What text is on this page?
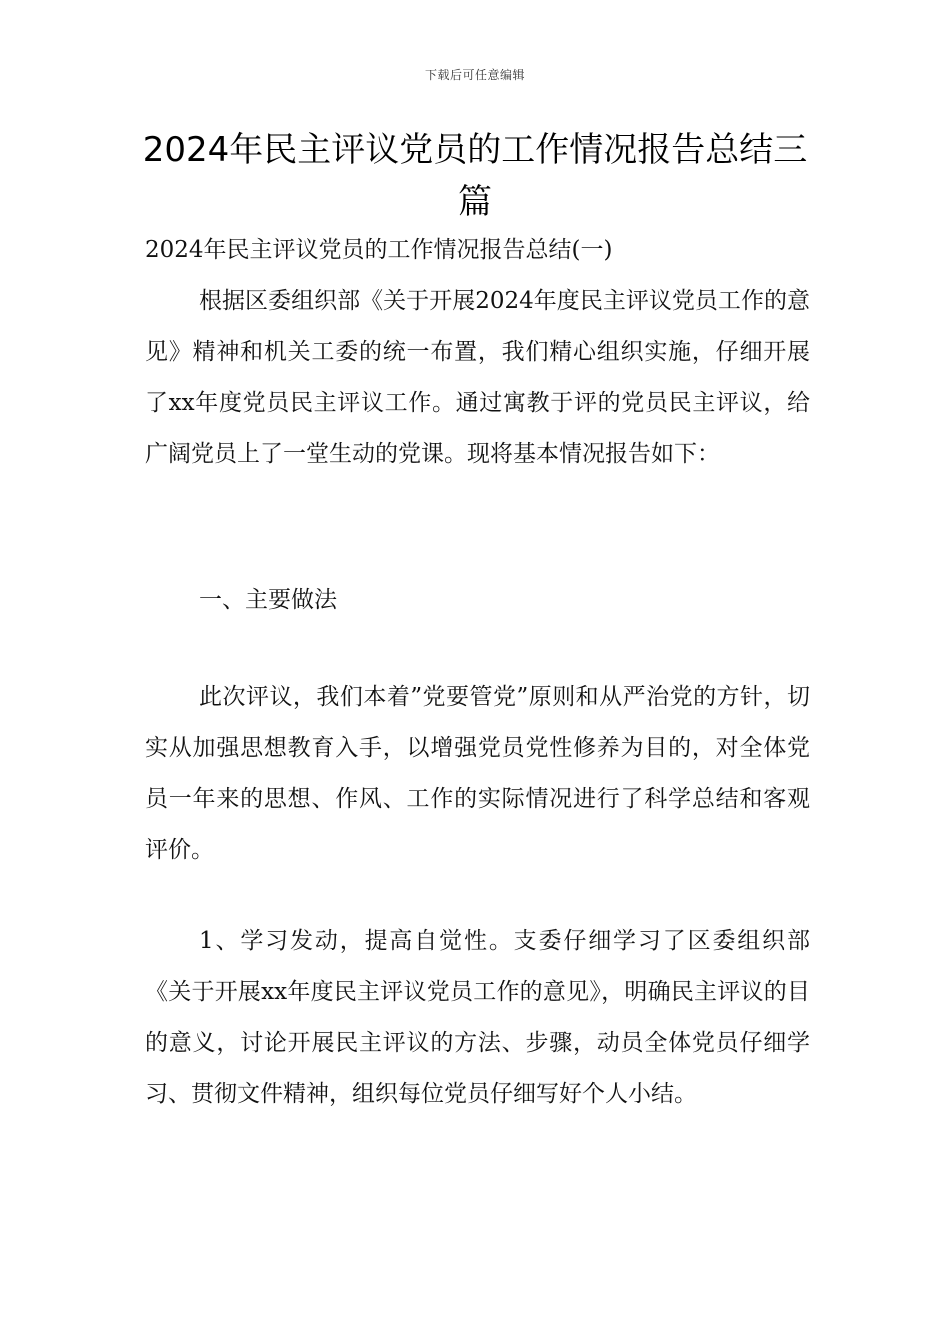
下载后可任意编辑
2024年民主评议党员的工作情况报告总结三篇

2024年民主评议党员的工作情况报告总结(一)

根据区委组织部《关于开展2024年度民主评议党员工作的意见》精神和机关工委的统一布置，我们精心组织实施，仔细开展了xx年度党员民主评议工作。通过寓教于评的党员民主评议，给广阔党员上了一堂生动的党课。现将基本情况报告如下：

一、主要做法

此次评议，我们本着”党要管党”原则和从严治党的方针，切实从加强思想教育入手，以增强党员党性修养为目的，对全体党员一年来的思想、作风、工作的实际情况进行了科学总结和客观评价。

1、学习发动，提高自觉性。支委仔细学习了区委组织部《关于开展xx年度民主评议党员工作的意见》，明确民主评议的目的意义，讨论开展民主评议的方法、步骤，动员全体党员仔细学习、贯彻文件精神，组织每位党员仔细写好个人小结。
